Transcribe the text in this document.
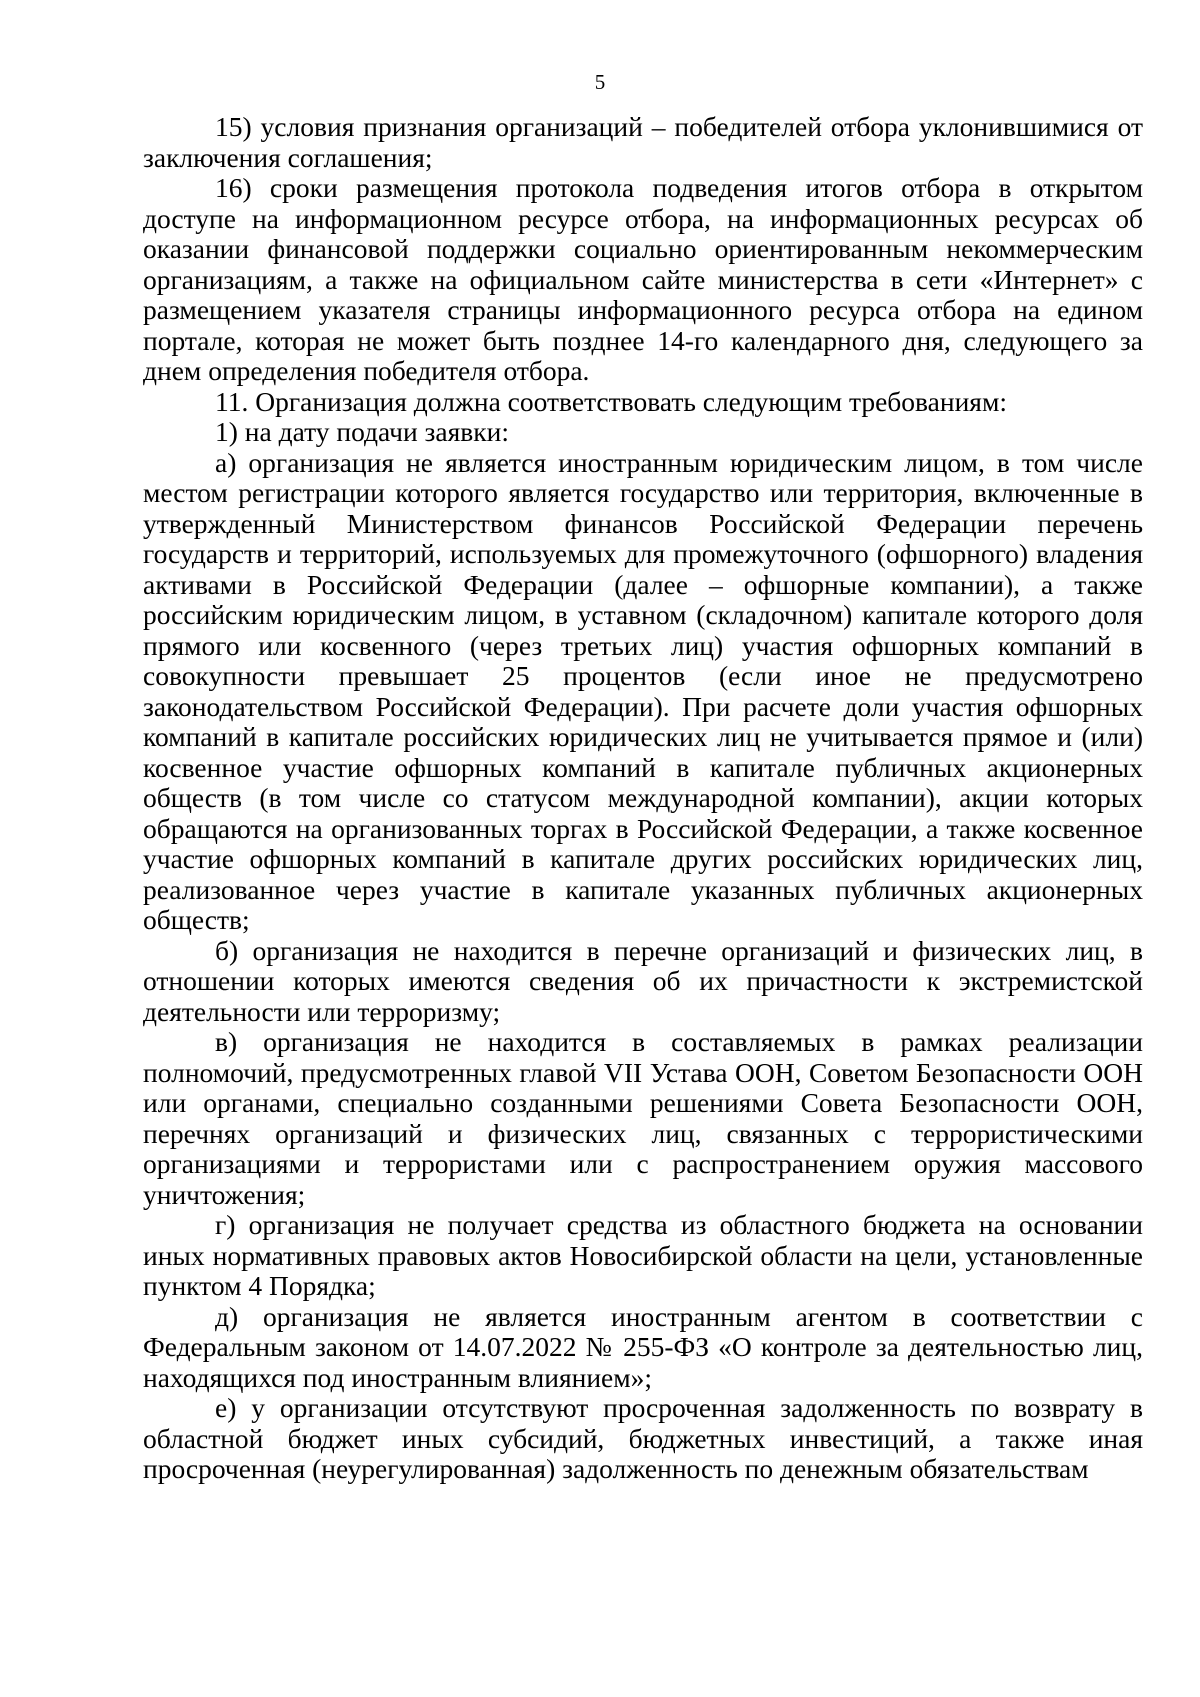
5

15) условия признания организаций – победителей отбора уклонившимися от заключения соглашения;

16) сроки размещения протокола подведения итогов отбора в открытом доступе на информационном ресурсе отбора, на информационных ресурсах об оказании финансовой поддержки социально ориентированным некоммерческим организациям, а также на официальном сайте министерства в сети «Интернет» с размещением указателя страницы информационного ресурса отбора на едином портале, которая не может быть позднее 14-го календарного дня, следующего за днем определения победителя отбора.

11. Организация должна соответствовать следующим требованиям:

1) на дату подачи заявки:

а) организация не является иностранным юридическим лицом, в том числе местом регистрации которого является государство или территория, включенные в утвержденный Министерством финансов Российской Федерации перечень государств и территорий, используемых для промежуточного (офшорного) владения активами в Российской Федерации (далее – офшорные компании), а также российским юридическим лицом, в уставном (складочном) капитале которого доля прямого или косвенного (через третьих лиц) участия офшорных компаний в совокупности превышает 25 процентов (если иное не предусмотрено законодательством Российской Федерации). При расчете доли участия офшорных компаний в капитале российских юридических лиц не учитывается прямое и (или) косвенное участие офшорных компаний в капитале публичных акционерных обществ (в том числе со статусом международной компании), акции которых обращаются на организованных торгах в Российской Федерации, а также косвенное участие офшорных компаний в капитале других российских юридических лиц, реализованное через участие в капитале указанных публичных акционерных обществ;

б) организация не находится в перечне организаций и физических лиц, в отношении которых имеются сведения об их причастности к экстремистской деятельности или терроризму;

в) организация не находится в составляемых в рамках реализации полномочий, предусмотренных главой VII Устава ООН, Советом Безопасности ООН или органами, специально созданными решениями Совета Безопасности ООН, перечнях организаций и физических лиц, связанных с террористическими организациями и террористами или с распространением оружия массового уничтожения;

г) организация не получает средства из областного бюджета на основании иных нормативных правовых актов Новосибирской области на цели, установленные пунктом 4 Порядка;

д) организация не является иностранным агентом в соответствии с Федеральным законом от 14.07.2022 № 255-ФЗ «О контроле за деятельностью лиц, находящихся под иностранным влиянием»;

е) у организации отсутствуют просроченная задолженность по возврату в областной бюджет иных субсидий, бюджетных инвестиций, а также иная просроченная (неурегулированная) задолженность по денежным обязательствам
